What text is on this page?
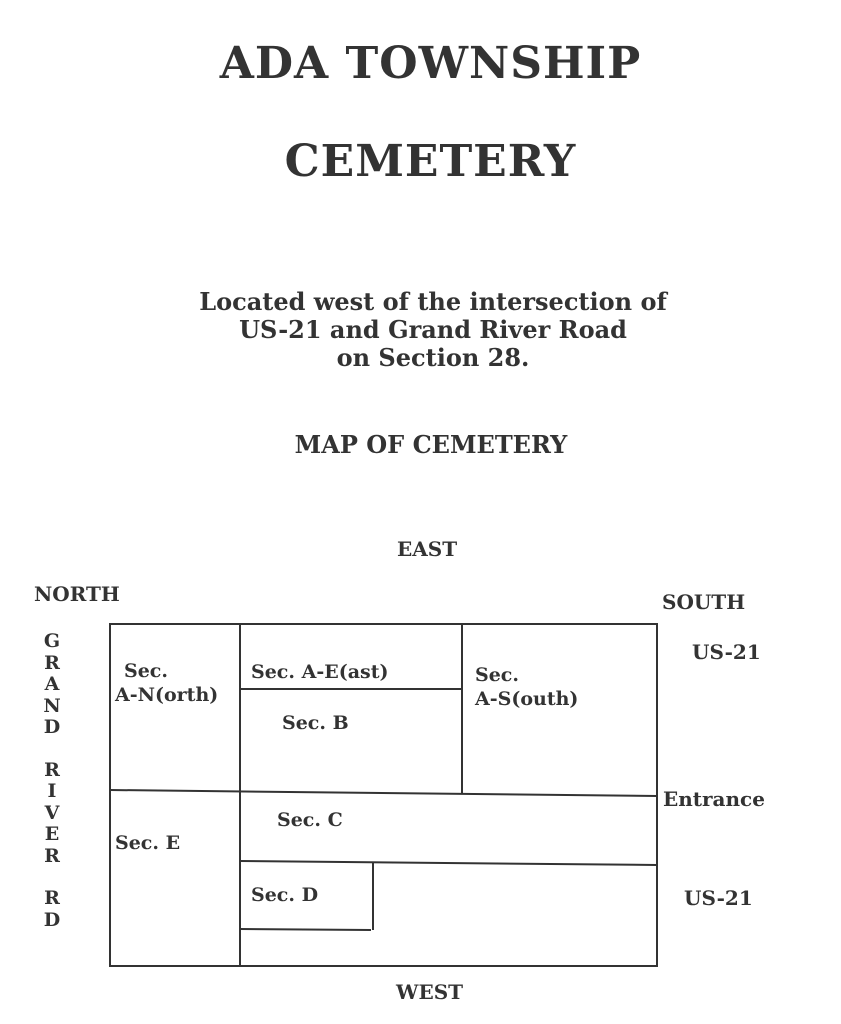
ADA TOWNSHIP
CEMETERY
Located west of the intersection of
US-21 and Grand River Road
on Section 28.
MAP OF CEMETERY
EAST
NORTH	SOUTH
WEST
US-21
Entrance
US-21
G
R
A
N
D
R
I
V
E
R
R
D
Sec.
A-N(orth)
Sec. A-E(ast)
Sec. B
Sec.
A-S(outh)
Sec. E
Sec. C
Sec. D
